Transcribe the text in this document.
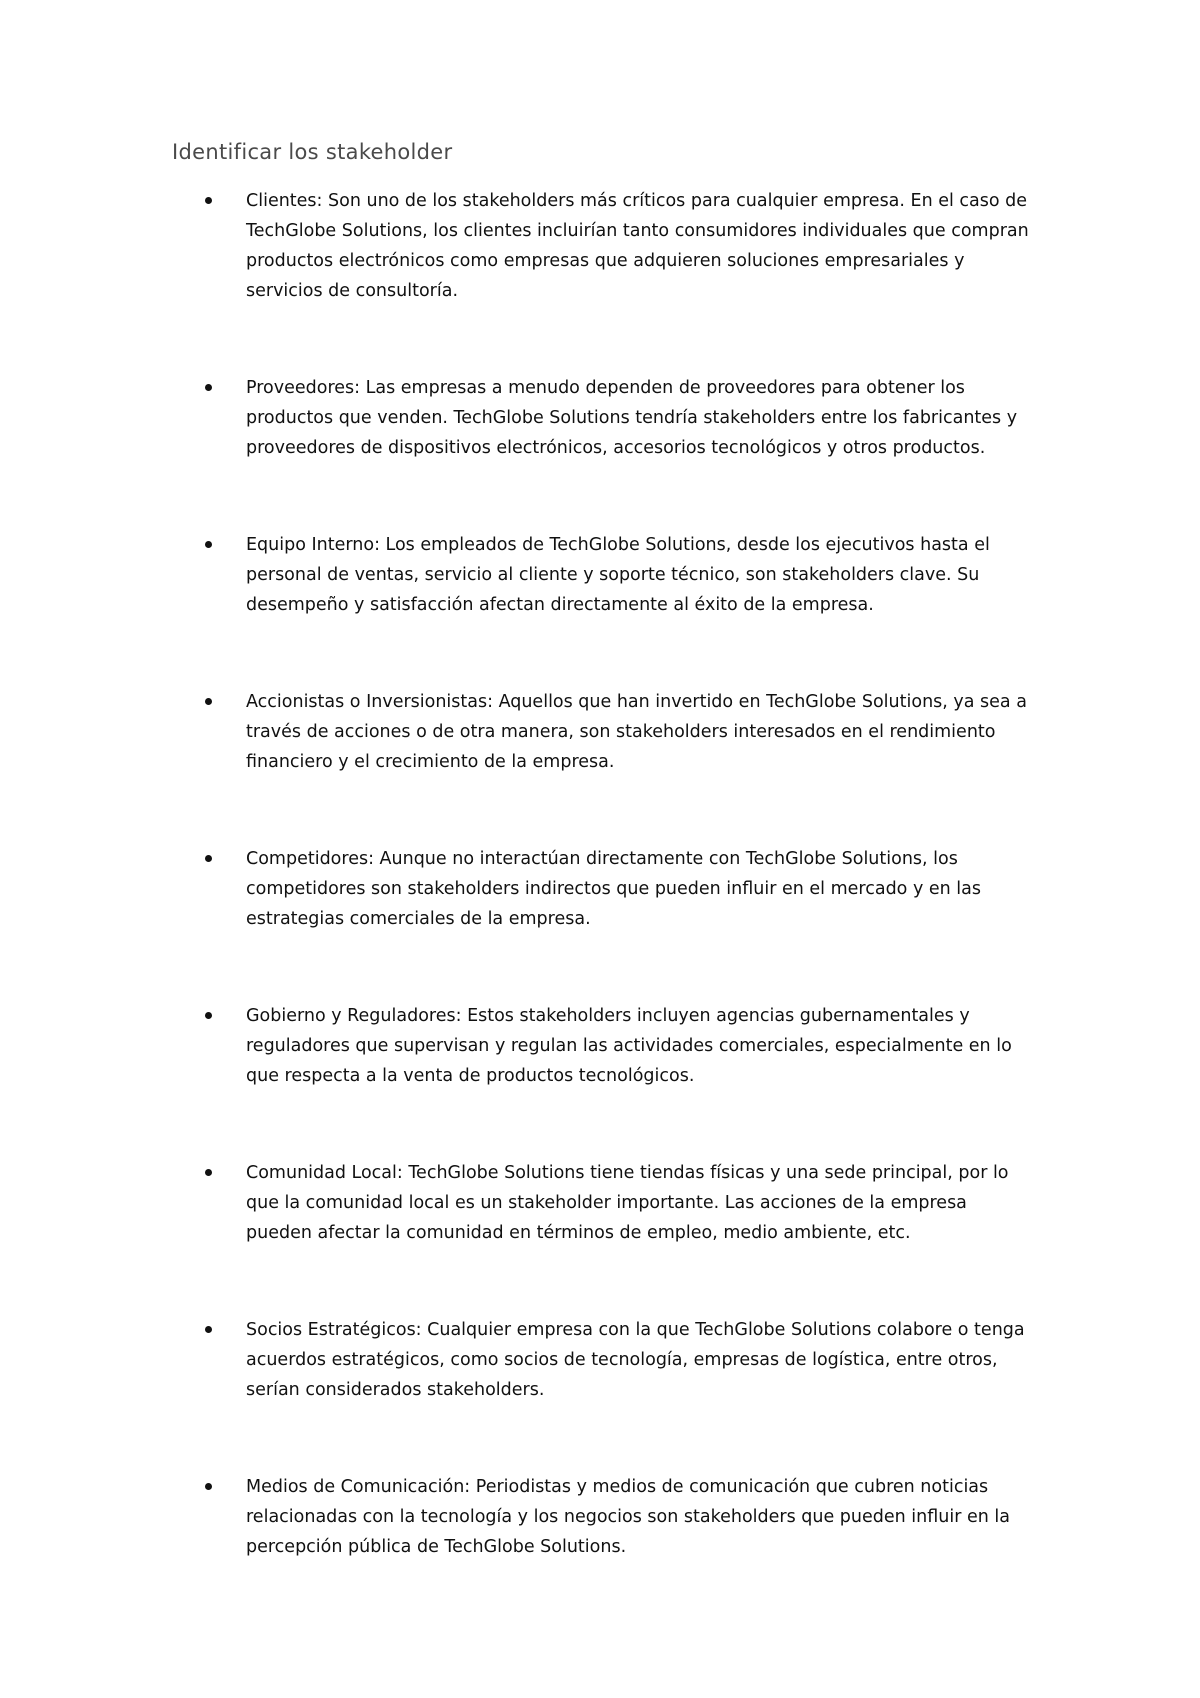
Identificar los stakeholder
Clientes: Son uno de los stakeholders más críticos para cualquier empresa. En el caso de TechGlobe Solutions, los clientes incluirían tanto consumidores individuales que compran productos electrónicos como empresas que adquieren soluciones empresariales y servicios de consultoría.
Proveedores: Las empresas a menudo dependen de proveedores para obtener los productos que venden. TechGlobe Solutions tendría stakeholders entre los fabricantes y proveedores de dispositivos electrónicos, accesorios tecnológicos y otros productos.
Equipo Interno: Los empleados de TechGlobe Solutions, desde los ejecutivos hasta el personal de ventas, servicio al cliente y soporte técnico, son stakeholders clave. Su desempeño y satisfacción afectan directamente al éxito de la empresa.
Accionistas o Inversionistas: Aquellos que han invertido en TechGlobe Solutions, ya sea a través de acciones o de otra manera, son stakeholders interesados en el rendimiento financiero y el crecimiento de la empresa.
Competidores: Aunque no interactúan directamente con TechGlobe Solutions, los competidores son stakeholders indirectos que pueden influir en el mercado y en las estrategias comerciales de la empresa.
Gobierno y Reguladores: Estos stakeholders incluyen agencias gubernamentales y reguladores que supervisan y regulan las actividades comerciales, especialmente en lo que respecta a la venta de productos tecnológicos.
Comunidad Local: TechGlobe Solutions tiene tiendas físicas y una sede principal, por lo que la comunidad local es un stakeholder importante. Las acciones de la empresa pueden afectar la comunidad en términos de empleo, medio ambiente, etc.
Socios Estratégicos: Cualquier empresa con la que TechGlobe Solutions colabore o tenga acuerdos estratégicos, como socios de tecnología, empresas de logística, entre otros, serían considerados stakeholders.
Medios de Comunicación: Periodistas y medios de comunicación que cubren noticias relacionadas con la tecnología y los negocios son stakeholders que pueden influir en la percepción pública de TechGlobe Solutions.
